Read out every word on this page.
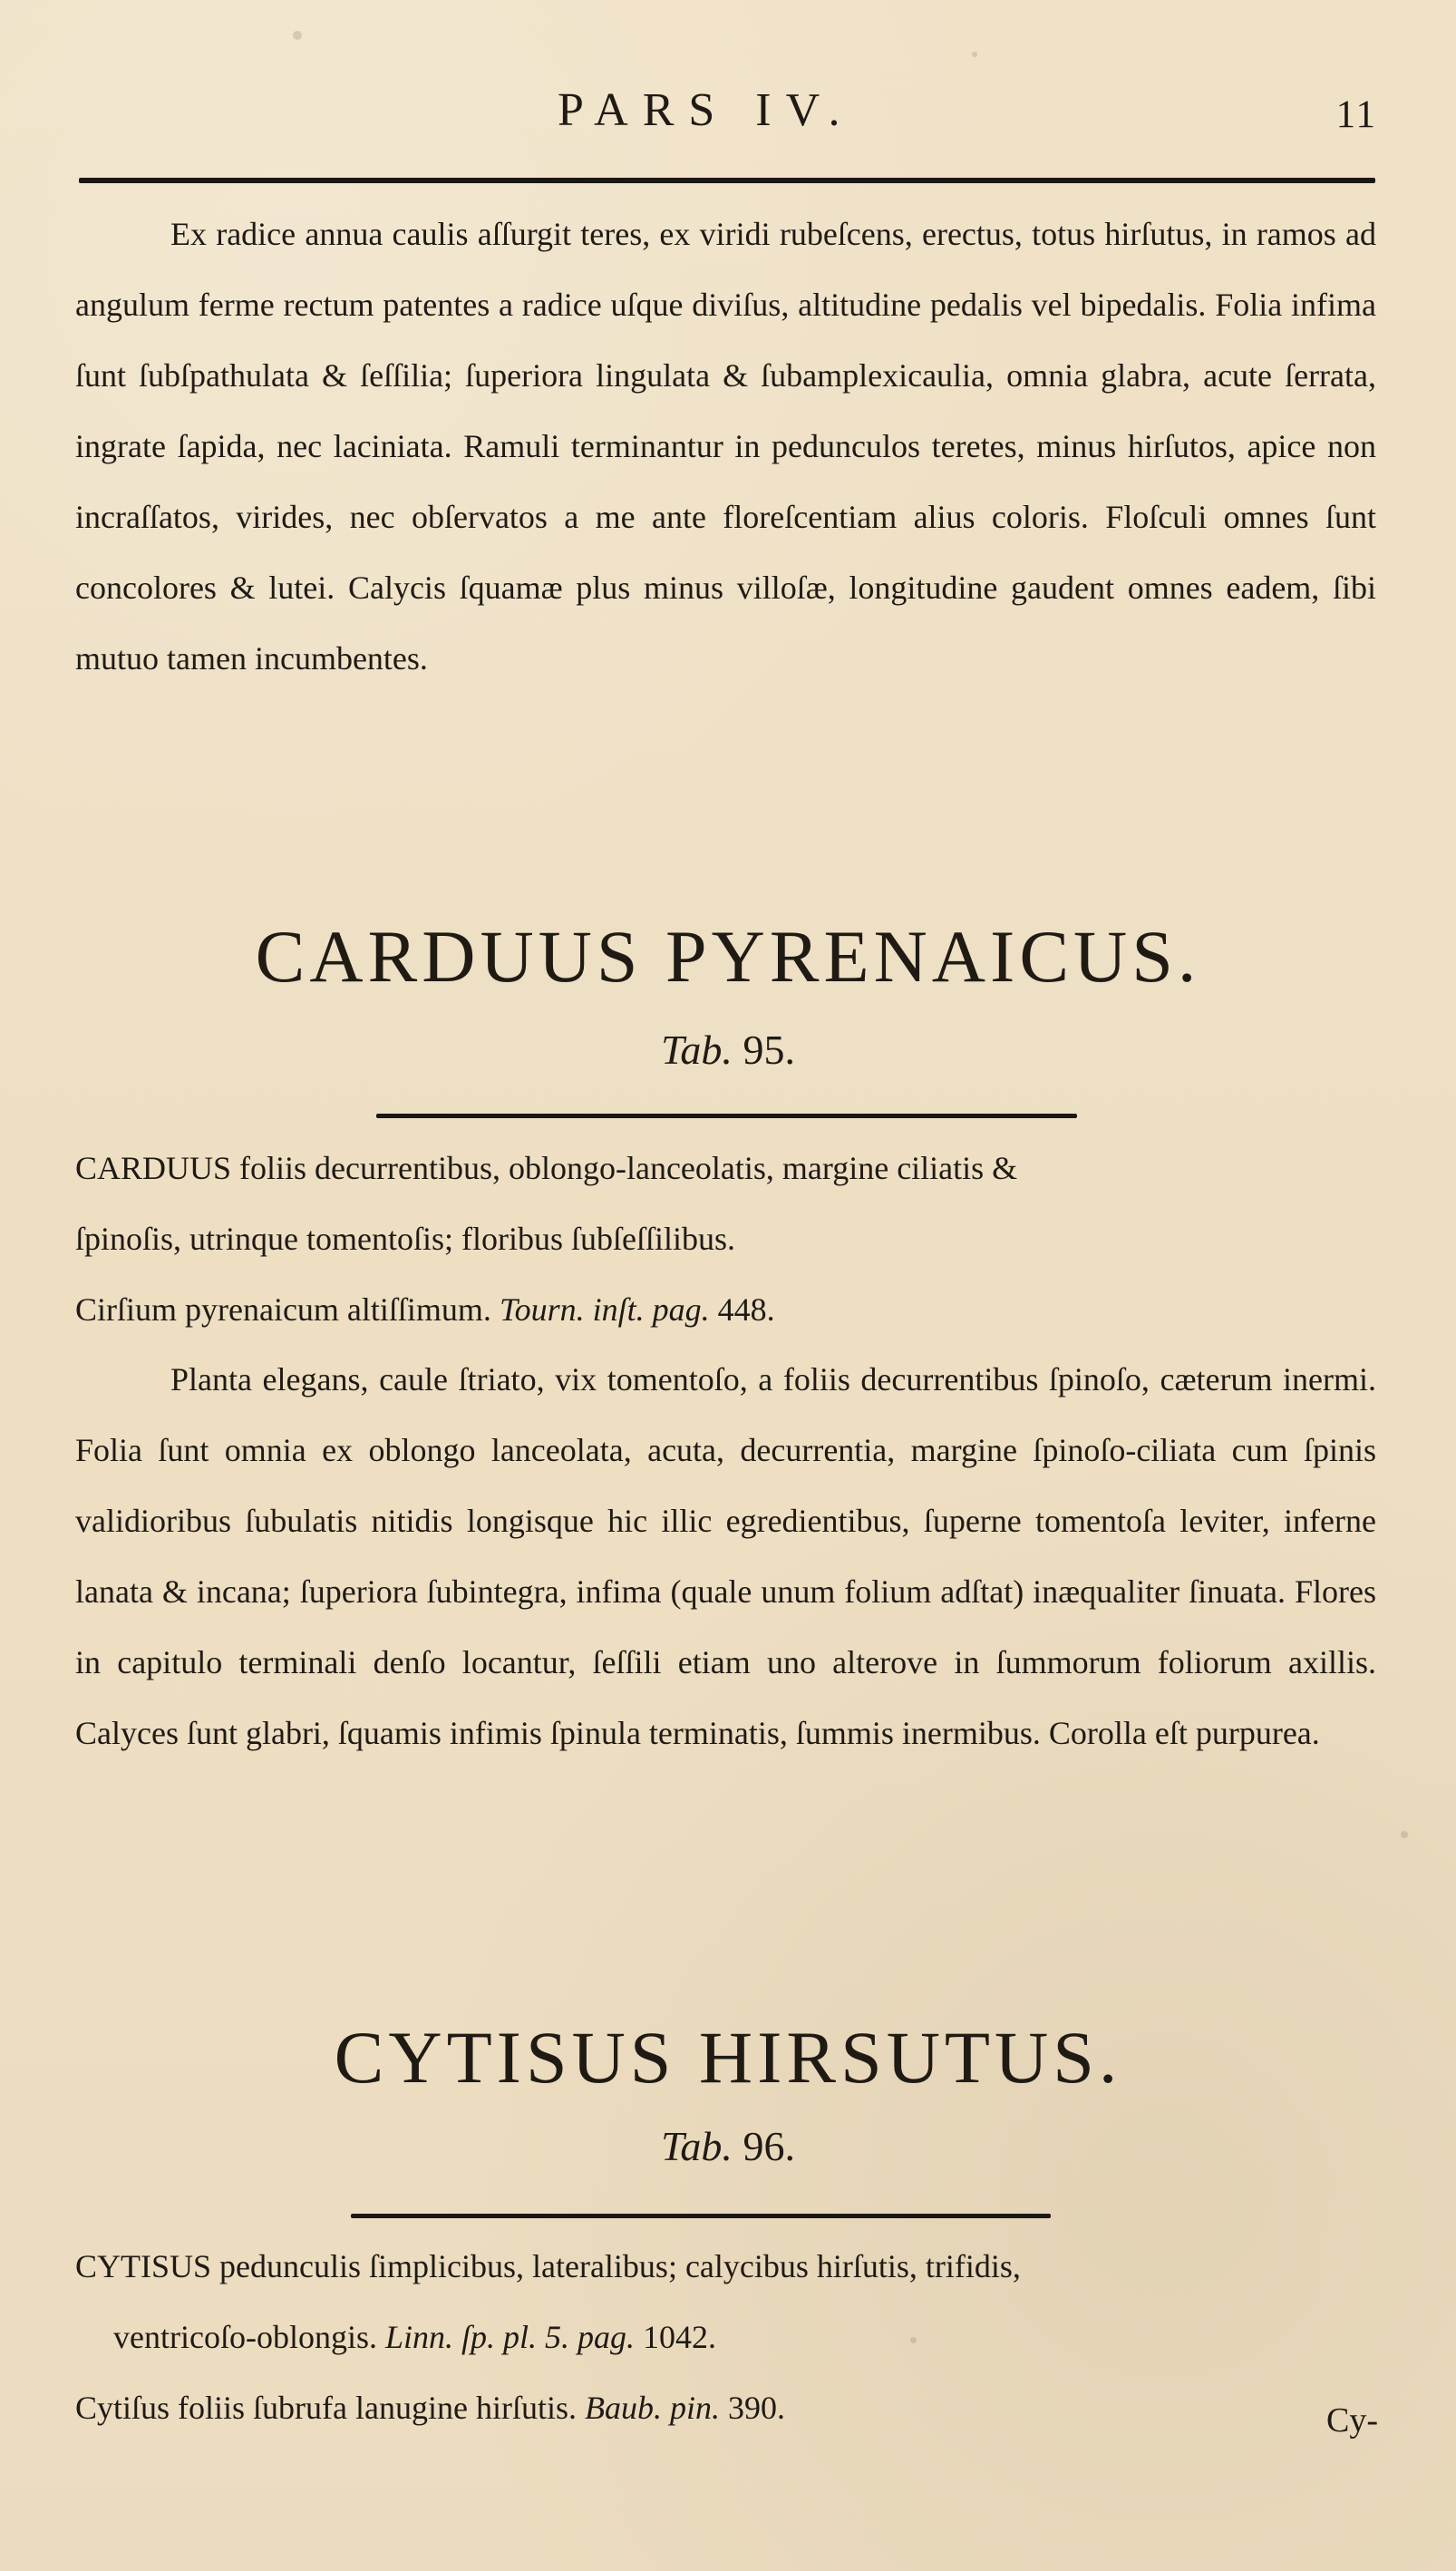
PARS IV.	11
Ex radice annua caulis aſſurgit teres, ex viridi rubeſcens, erectus, totus hirſutus, in ramos ad angulum ferme rectum patentes a radice uſque diviſus, altitudine pedalis vel bipedalis. Folia infima ſunt ſubſpathulata & ſeſſilia; ſuperiora lingulata & ſubamplexicaulia, omnia glabra, acute ſerrata, ingrate ſapida, nec laciniata. Ramuli terminantur in pedunculos teretes, minus hirſutos, apice non incraſſatos, virides, nec obſervatos a me ante floreſcentiam alius coloris. Floſculi omnes ſunt concolores & lutei. Calycis ſquamæ plus minus villoſæ, longitudine gaudent omnes eadem, ſibi mutuo tamen incumbentes.
CARDUUS PYRENAICUS.
Tab. 95.
CARDUUS foliis decurrentibus, oblongo-lanceolatis, margine ciliatis &
ſpinoſis, utrinque tomentoſis; floribus ſubſeſſilibus.
Cirſium pyrenaicum altiſſimum. Tourn. inſt. pag. 448.
Planta elegans, caule ſtriato, vix tomentoſo, a foliis decurrentibus ſpinoſo, cæterum inermi. Folia ſunt omnia ex oblongo lanceolata, acuta, decurrentia, margine ſpinoſo-ciliata cum ſpinis validioribus ſubulatis nitidis longisque hic illic egredientibus, ſuperne tomentoſa leviter, inferne lanata & incana; ſuperiora ſubintegra, infima (quale unum folium adſtat) inæqualiter ſinuata. Flores in capitulo terminali denſo locantur, ſeſſili etiam uno alterove in ſummorum foliorum axillis. Calyces ſunt glabri, ſquamis infimis ſpinula terminatis, ſummis inermibus. Corolla eſt purpurea.
CYTISUS HIRSUTUS.
Tab. 96.
CYTISUS pedunculis ſimplicibus, lateralibus; calycibus hirſutis, trifidis,
ventricoſo-oblongis. Linn. ſp. pl. 5. pag. 1042.
Cytiſus foliis ſubrufa lanugine hirſutis. Baub. pin. 390.	Cy-
